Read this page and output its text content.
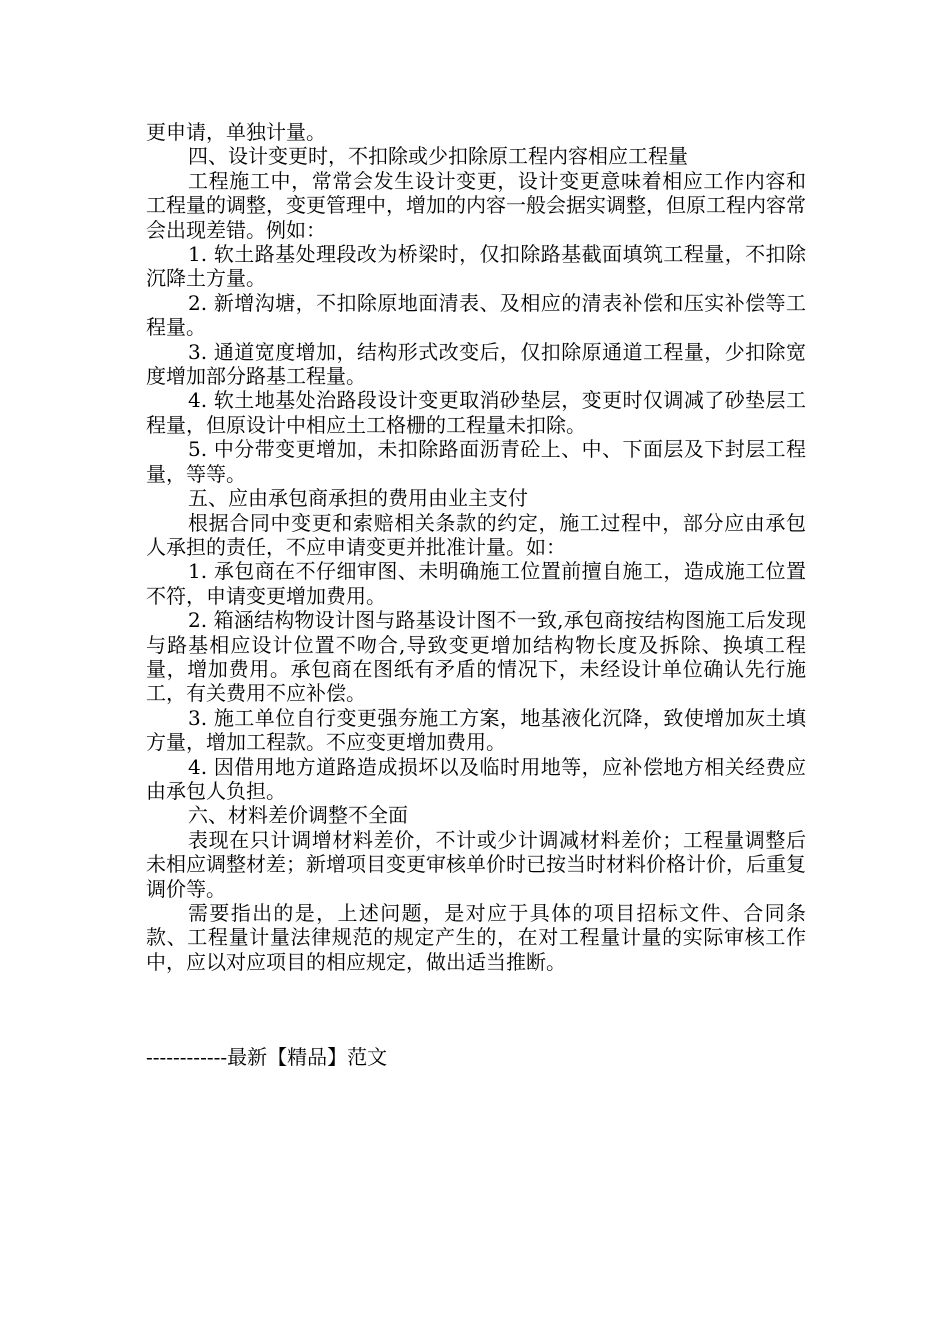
更申请，单独计量。

四、设计变更时，不扣除或少扣除原工程内容相应工程量

工程施工中，常常会发生设计变更，设计变更意味着相应工作内容和工程量的调整，变更管理中，增加的内容一般会据实调整，但原工程内容常会出现差错。例如：

1. 软土路基处理段改为桥梁时，仅扣除路基截面填筑工程量，不扣除沉降土方量。

2. 新增沟塘，不扣除原地面清表、及相应的清表补偿和压实补偿等工程量。

3. 通道宽度增加，结构形式改变后，仅扣除原通道工程量，少扣除宽度增加部分路基工程量。

4. 软土地基处治路段设计变更取消砂垫层，变更时仅调减了砂垫层工程量，但原设计中相应土工格栅的工程量未扣除。

5. 中分带变更增加，未扣除路面沥青砼上、中、下面层及下封层工程量，等等。

五、应由承包商承担的费用由业主支付

根据合同中变更和索赔相关条款的约定，施工过程中，部分应由承包人承担的责任，不应申请变更并批准计量。如：

1. 承包商在不仔细审图、未明确施工位置前擅自施工，造成施工位置不符，申请变更增加费用。

2. 箱涵结构物设计图与路基设计图不一致,承包商按结构图施工后发现与路基相应设计位置不吻合,导致变更增加结构物长度及拆除、换填工程量，增加费用。承包商在图纸有矛盾的情况下，未经设计单位确认先行施工，有关费用不应补偿。

3. 施工单位自行变更强夯施工方案，地基液化沉降，致使增加灰土填方量，增加工程款。不应变更增加费用。

4. 因借用地方道路造成损坏以及临时用地等，应补偿地方相关经费应由承包人负担。

六、材料差价调整不全面

表现在只计调增材料差价，不计或少计调减材料差价；工程量调整后未相应调整材差；新增项目变更审核单价时已按当时材料价格计价，后重复调价等。

需要指出的是，上述问题，是对应于具体的项目招标文件、合同条款、工程量计量法律规范的规定产生的，在对工程量计量的实际审核工作中，应以对应项目的相应规定，做出适当推断。

------------最新【精品】范文
